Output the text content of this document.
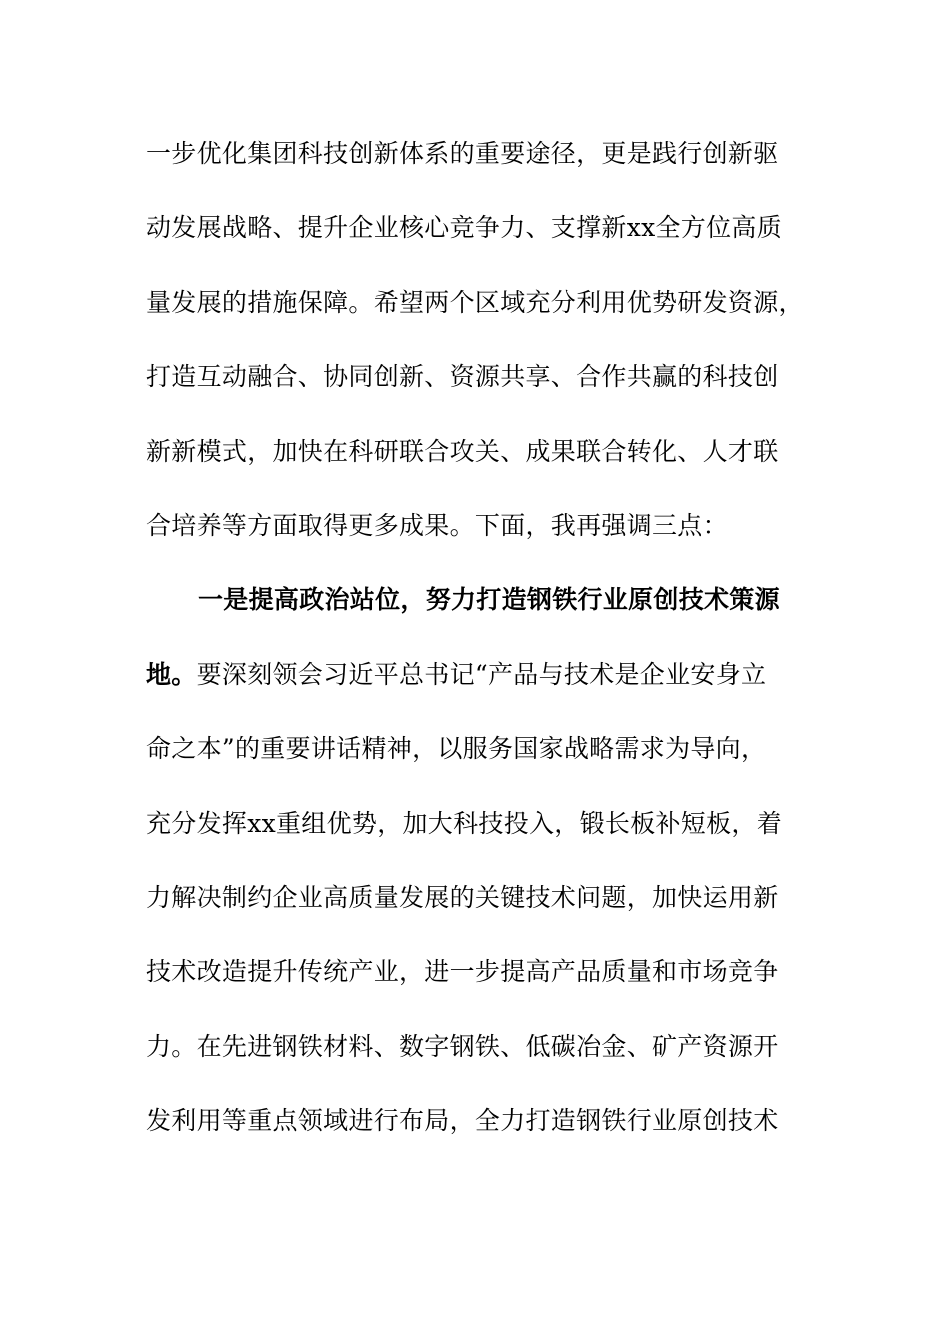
一步优化集团科技创新体系的重要途径，更是践行创新驱
动发展战略、提升企业核心竞争力、支撑新xx全方位高质
量发展的措施保障。希望两个区域充分利用优势研发资源，
打造互动融合、协同创新、资源共享、合作共赢的科技创
新新模式，加快在科研联合攻关、成果联合转化、人才联
合培养等方面取得更多成果。下面，我再强调三点：
一是提高政治站位，努力打造钢铁行业原创技术策源
地。要深刻领会习近平总书记“产品与技术是企业安身立
命之本”的重要讲话精神，以服务国家战略需求为导向，
充分发挥xx重组优势，加大科技投入，锻长板补短板，着
力解决制约企业高质量发展的关键技术问题，加快运用新
技术改造提升传统产业，进一步提高产品质量和市场竞争
力。在先进钢铁材料、数字钢铁、低碳冶金、矿产资源开
发利用等重点领域进行布局，全力打造钢铁行业原创技术
